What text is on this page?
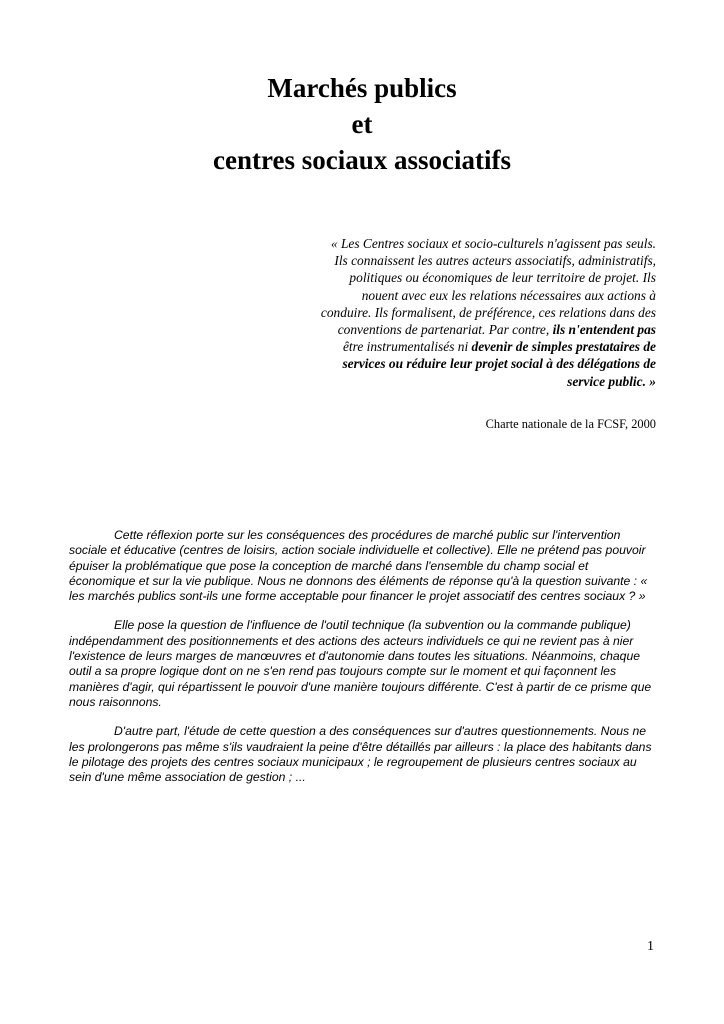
Marchés publics
et
centres sociaux associatifs
« Les Centres sociaux et socio-culturels n'agissent pas seuls. Ils connaissent les autres acteurs associatifs, administratifs, politiques ou économiques de leur territoire de projet. Ils nouent avec eux les relations nécessaires aux actions à conduire. Ils formalisent, de préférence, ces relations dans des conventions de partenariat. Par contre, ils n'entendent pas être instrumentalisés ni devenir de simples prestataires de services ou réduire leur projet social à des délégations de service public. »
Charte nationale de la FCSF, 2000

Cette réflexion porte sur les conséquences des procédures de marché public sur l'intervention sociale et éducative (centres de loisirs, action sociale individuelle et collective). Elle ne prétend pas pouvoir épuiser la problématique que pose la conception de marché dans l'ensemble du champ social et économique et sur la vie publique. Nous ne donnons des éléments de réponse qu'à la question suivante : « les marchés publics sont-ils une forme acceptable pour financer le projet associatif des centres sociaux ? »

Elle pose la question de l'influence de l'outil technique (la subvention ou la commande publique) indépendamment des positionnements et des actions des acteurs individuels ce qui ne revient pas à nier l'existence de leurs marges de manœuvres et d'autonomie dans toutes les situations. Néanmoins, chaque outil a sa propre logique dont on ne s'en rend pas toujours compte sur le moment et qui façonnent les manières d'agir, qui répartissent le pouvoir d'une manière toujours différente. C'est à partir de ce prisme que nous raisonnons.

D'autre part, l'étude de cette question a des conséquences sur d'autres questionnements. Nous ne les prolongerons pas même s'ils vaudraient la peine d'être détaillés par ailleurs : la place des habitants dans le pilotage des projets des centres sociaux municipaux ; le regroupement de plusieurs centres sociaux au sein d'une même association de gestion ; ...

1
